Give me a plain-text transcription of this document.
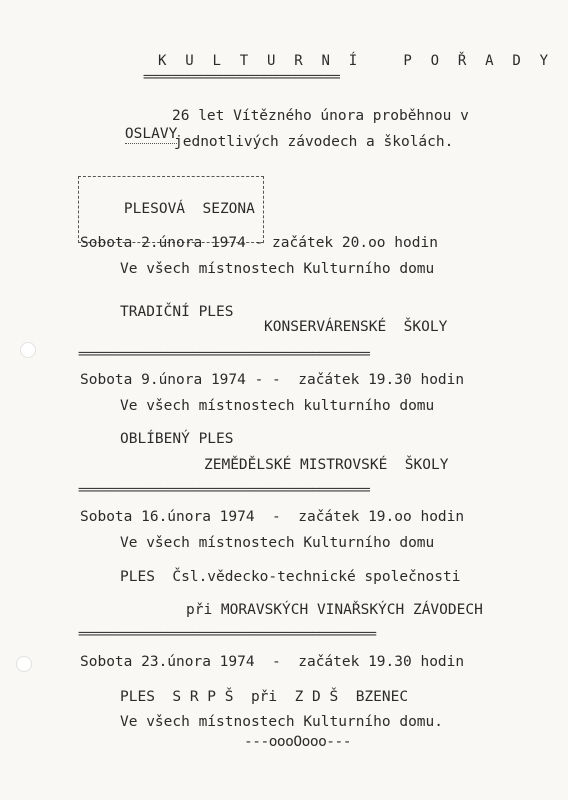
K U L T U R N Í   P O Ř A D Y
===============================

OSLAVY

26 let Vítězného února proběhnou v
jednotlivých závodech a školách.

PLESOVÁ  SEZONA

Sobota 2.února 1974 - začátek 20.oo hodin
Ve všech místnostech Kulturního domu
TRADIČNÍ PLES
KONSERVÁRENSKÉ  ŠKOLY
==============================================
Sobota 9.února 1974 - -  začátek 19.30 hodin
Ve všech místnostech kulturního domu
OBLÍBENÝ PLES
ZEMĚDĚLSKÉ MISTROVSKÉ  ŠKOLY
==============================================
Sobota 16.února 1974  -  začátek 19.oo hodin
Ve všech místnostech Kulturního domu
PLES  Čsl.vědecko-technické společnosti
při MORAVSKÝCH VINAŘSKÝCH ZÁVODECH
===============================================
Sobota 23.února 1974  -  začátek 19.30 hodin
PLES  S R P Š  při  Z D Š  BZENEC
Ve všech místnostech Kulturního domu.
---oooOooo---
